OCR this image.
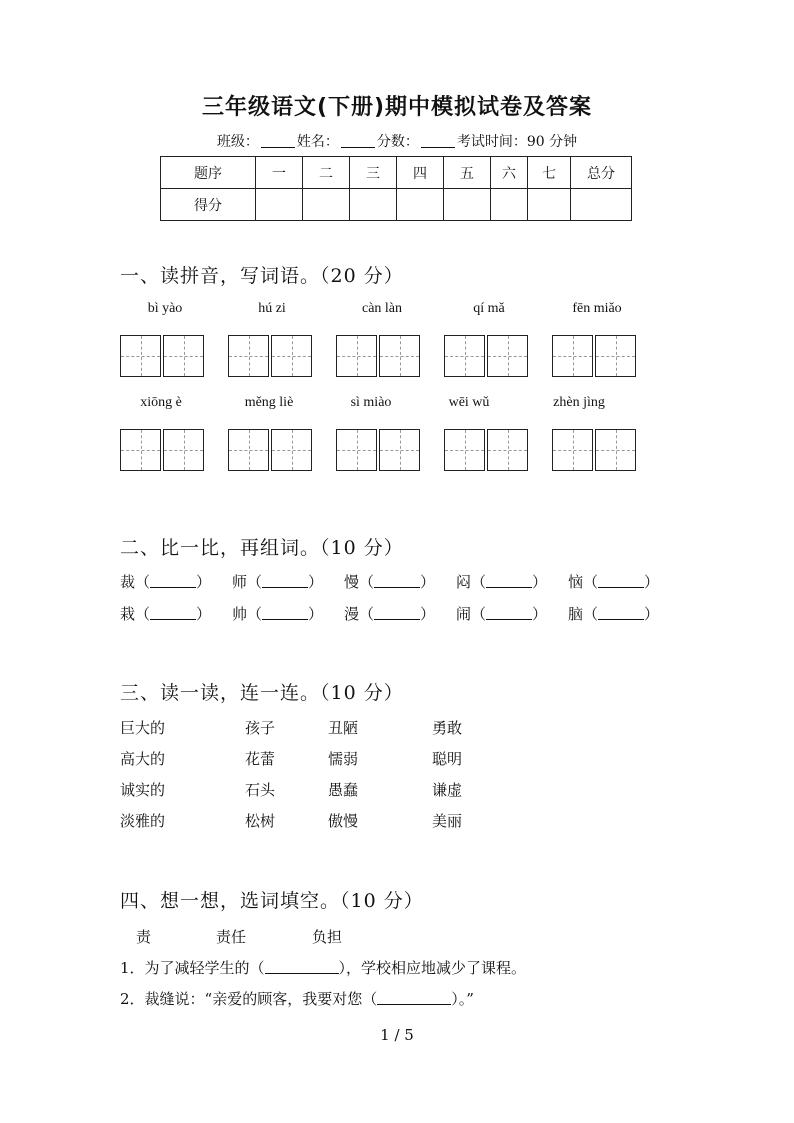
三年级语文(下册)期中模拟试卷及答案
班级：	姓名：	分数：	考试时间：90 分钟
题序	一	二	三	四	五	六	七	总分
得分								
一、读拼音，写词语。（20 分）
bì yào	hú zi	càn làn	qí mǎ	fēn miǎo
xiōng è	měng liè	sì miào	wēi wǔ	zhèn jìng
二、比一比，再组词。（10 分）
裁（	） 师（	） 慢（	） 闷（	） 恼（	）
栽（	） 帅（	） 漫（	） 闹（	） 脑（	）
三、读一读，连一连。（10 分）
巨大的	孩子	丑陋	勇敢
高大的	花蕾	懦弱	聪明
诚实的	石头	愚蠢	谦虚
淡雅的	松树	傲慢	美丽
四、想一想，选词填空。（10 分）
责	责任	负担
1．为了减轻学生的（	），学校相应地减少了课程。
2．裁缝说：“亲爱的顾客，我要对您（	）。”
1 / 5
